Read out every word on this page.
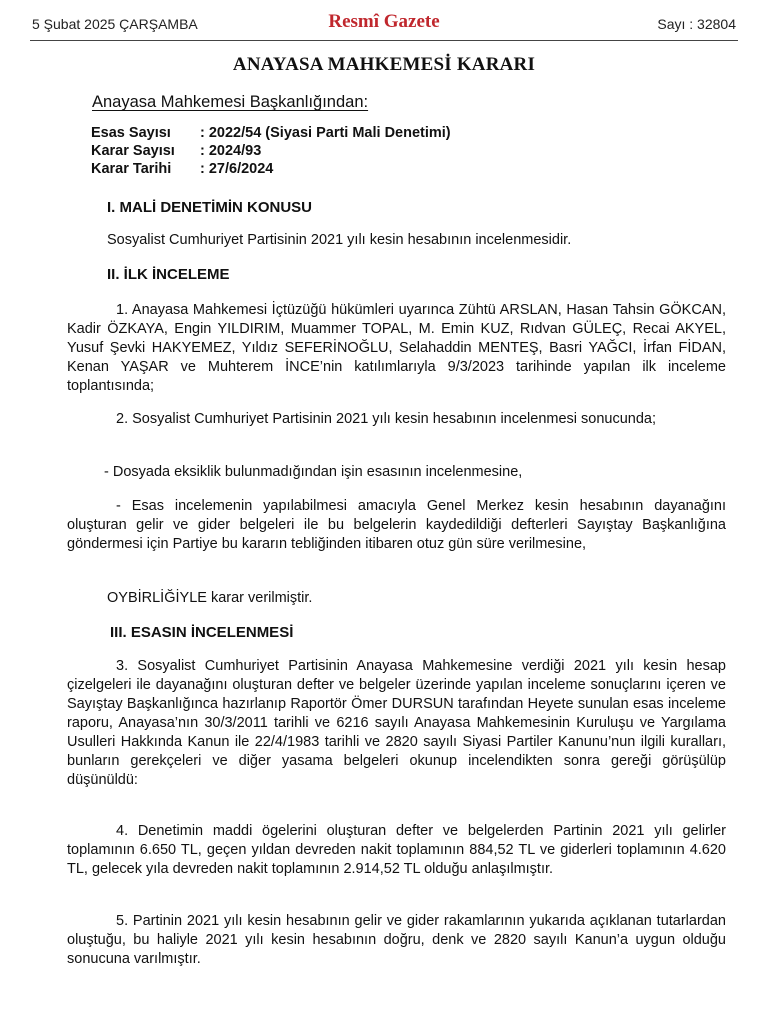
5 Şubat 2025 ÇARŞAMBA	Resmî Gazete	Sayı : 32804
ANAYASA MAHKEMESİ KARARI
Anayasa Mahkemesi Başkanlığından:
Esas Sayısı : 2022/54 (Siyasi Parti Mali Denetimi)
Karar Sayısı : 2024/93
Karar Tarihi : 27/6/2024
I. MALİ DENETİMİN KONUSU
Sosyalist Cumhuriyet Partisinin 2021 yılı kesin hesabının incelenmesidir.
II. İLK İNCELEME
1. Anayasa Mahkemesi İçtüzüğü hükümleri uyarınca Zühtü ARSLAN, Hasan Tahsin GÖKCAN, Kadir ÖZKAYA, Engin YILDIRIM, Muammer TOPAL, M. Emin KUZ, Rıdvan GÜLEÇ, Recai AKYEL, Yusuf Şevki HAKYEMEZ, Yıldız SEFERİNOĞLU, Selahaddin MENTEŞ, Basri YAĞCI, İrfan FİDAN, Kenan YAŞAR ve Muhterem İNCE’nin katılımlarıyla 9/3/2023 tarihinde yapılan ilk inceleme toplantısında;
2. Sosyalist Cumhuriyet Partisinin 2021 yılı kesin hesabının incelenmesi sonucunda;
- Dosyada eksiklik bulunmadığından işin esasının incelenmesine,
- Esas incelemenin yapılabilmesi amacıyla Genel Merkez kesin hesabının dayanağını oluşturan gelir ve gider belgeleri ile bu belgelerin kaydedildiği defterleri Sayıştay Başkanlığına göndermesi için Partiye bu kararın tebliğinden itibaren otuz gün süre verilmesine,
OYBİRLİĞİYLE karar verilmiştir.
III. ESASIN İNCELENMESİ
3. Sosyalist Cumhuriyet Partisinin Anayasa Mahkemesine verdiği 2021 yılı kesin hesap çizelgeleri ile dayanağını oluşturan defter ve belgeler üzerinde yapılan inceleme sonuçlarını içeren ve Sayıştay Başkanlığınca hazırlanıp Raportör Ömer DURSUN tarafından Heyete sunulan esas inceleme raporu, Anayasa’nın 30/3/2011 tarihli ve 6216 sayılı Anayasa Mahkemesinin Kuruluşu ve Yargılama Usulleri Hakkında Kanun ile 22/4/1983 tarihli ve 2820 sayılı Siyasi Partiler Kanunu’nun ilgili kuralları, bunların gerekçeleri ve diğer yasama belgeleri okunup incelendikten sonra gereği görüşülüp düşünüldü:
4. Denetimin maddi ögelerini oluşturan defter ve belgelerden Partinin 2021 yılı gelirler toplamının 6.650 TL, geçen yıldan devreden nakit toplamının 884,52 TL ve giderleri toplamının 4.620 TL, gelecek yıla devreden nakit toplamının 2.914,52 TL olduğu anlaşılmıştır.
5. Partinin 2021 yılı kesin hesabının gelir ve gider rakamlarının yukarıda açıklanan tutarlardan oluştuğu, bu haliyle 2021 yılı kesin hesabının doğru, denk ve 2820 sayılı Kanun’a uygun olduğu sonucuna varılmıştır.
